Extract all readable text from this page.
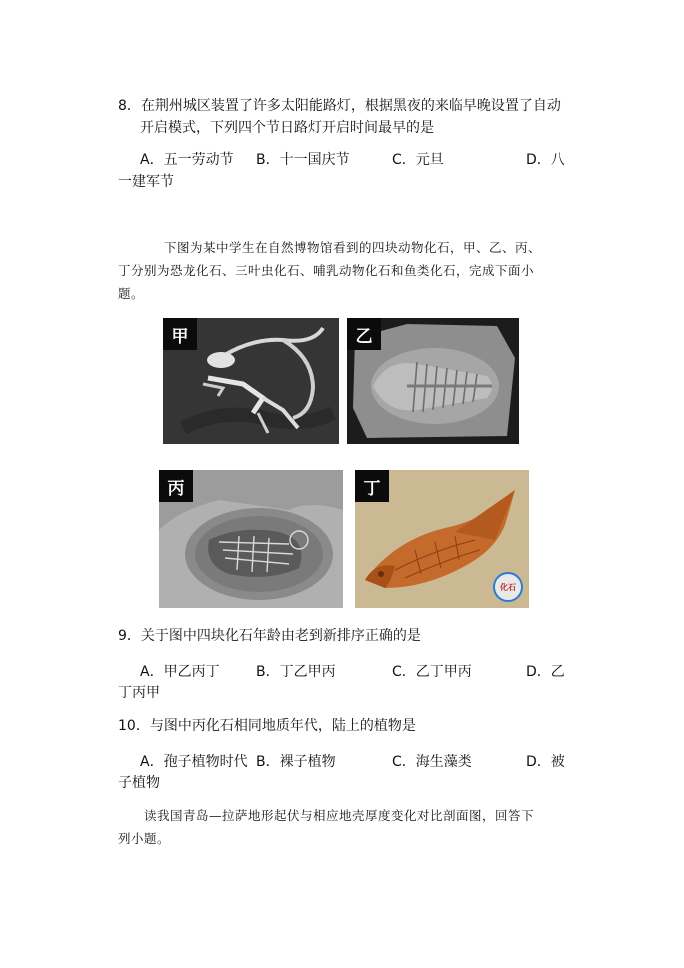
8．在荆州城区装置了许多太阳能路灯，根据黑夜的来临早晚设置了自动
开启模式，下列四个节日路灯开启时间最早的是
A．五一劳动节 B．十一国庆节	C．元旦	D．八
一建军节
下图为某中学生在自然博物馆看到的四块动物化石，甲、乙、丙、
丁分别为恐龙化石、三叶虫化石、哺乳动物化石和鱼类化石，完成下面小
题。
甲	乙
丙	丁
化石
9．关于图中四块化石年龄由老到新排序正确的是
A．甲乙丙丁	B．丁乙甲丙	C．乙丁甲丙	D．乙
丁丙甲
10．与图中丙化石相同地质年代，陆上的植物是
A．孢子植物时代 B．裸子植物	C．海生藻类	D．被
子植物
读我国青岛—拉萨地形起伏与相应地壳厚度变化对比剖面图，回答下
列小题。
